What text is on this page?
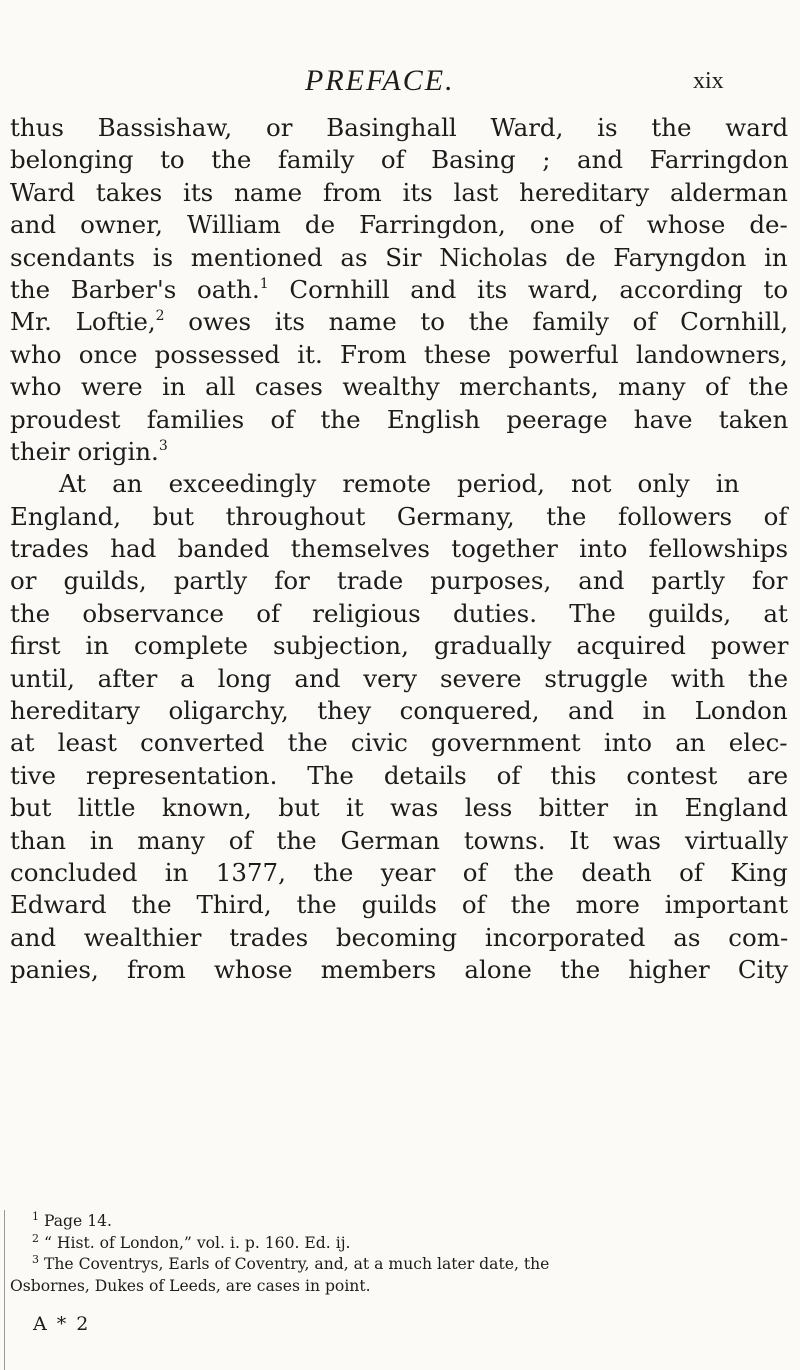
PREFACE.	xix
thus Bassishaw, or Basinghall Ward, is the ward
belonging to the family of Basing ; and Farringdon
Ward takes its name from its last hereditary alderman
and owner, William de Farringdon, one of whose de-
scendants is mentioned as Sir Nicholas de Faryngdon in
the Barber's oath.$^1$ Cornhill and its ward, according to
Mr. Loftie,$^2$ owes its name to the family of Cornhill,
who once possessed it. From these powerful landowners,
who were in all cases wealthy merchants, many of the
proudest families of the English peerage have taken
their origin.$^3$
At an exceedingly remote period, not only in
England, but throughout Germany, the followers of
trades had banded themselves together into fellowships
or guilds, partly for trade purposes, and partly for
the observance of religious duties. The guilds, at
first in complete subjection, gradually acquired power
until, after a long and very severe struggle with the
hereditary oligarchy, they conquered, and in London
at least converted the civic government into an elec-
tive representation. The details of this contest are
but little known, but it was less bitter in England
than in many of the German towns. It was virtually
concluded in 1377, the year of the death of King
Edward the Third, the guilds of the more important
and wealthier trades becoming incorporated as com-
panies, from whose members alone the higher City
$^1$ Page 14.
$^2$ “ Hist. of London,” vol. i. p. 160. Ed. ij.
$^3$ The Coventrys, Earls of Coventry, and, at a much later date, the
Osbornes, Dukes of Leeds, are cases in point.
A * 2
